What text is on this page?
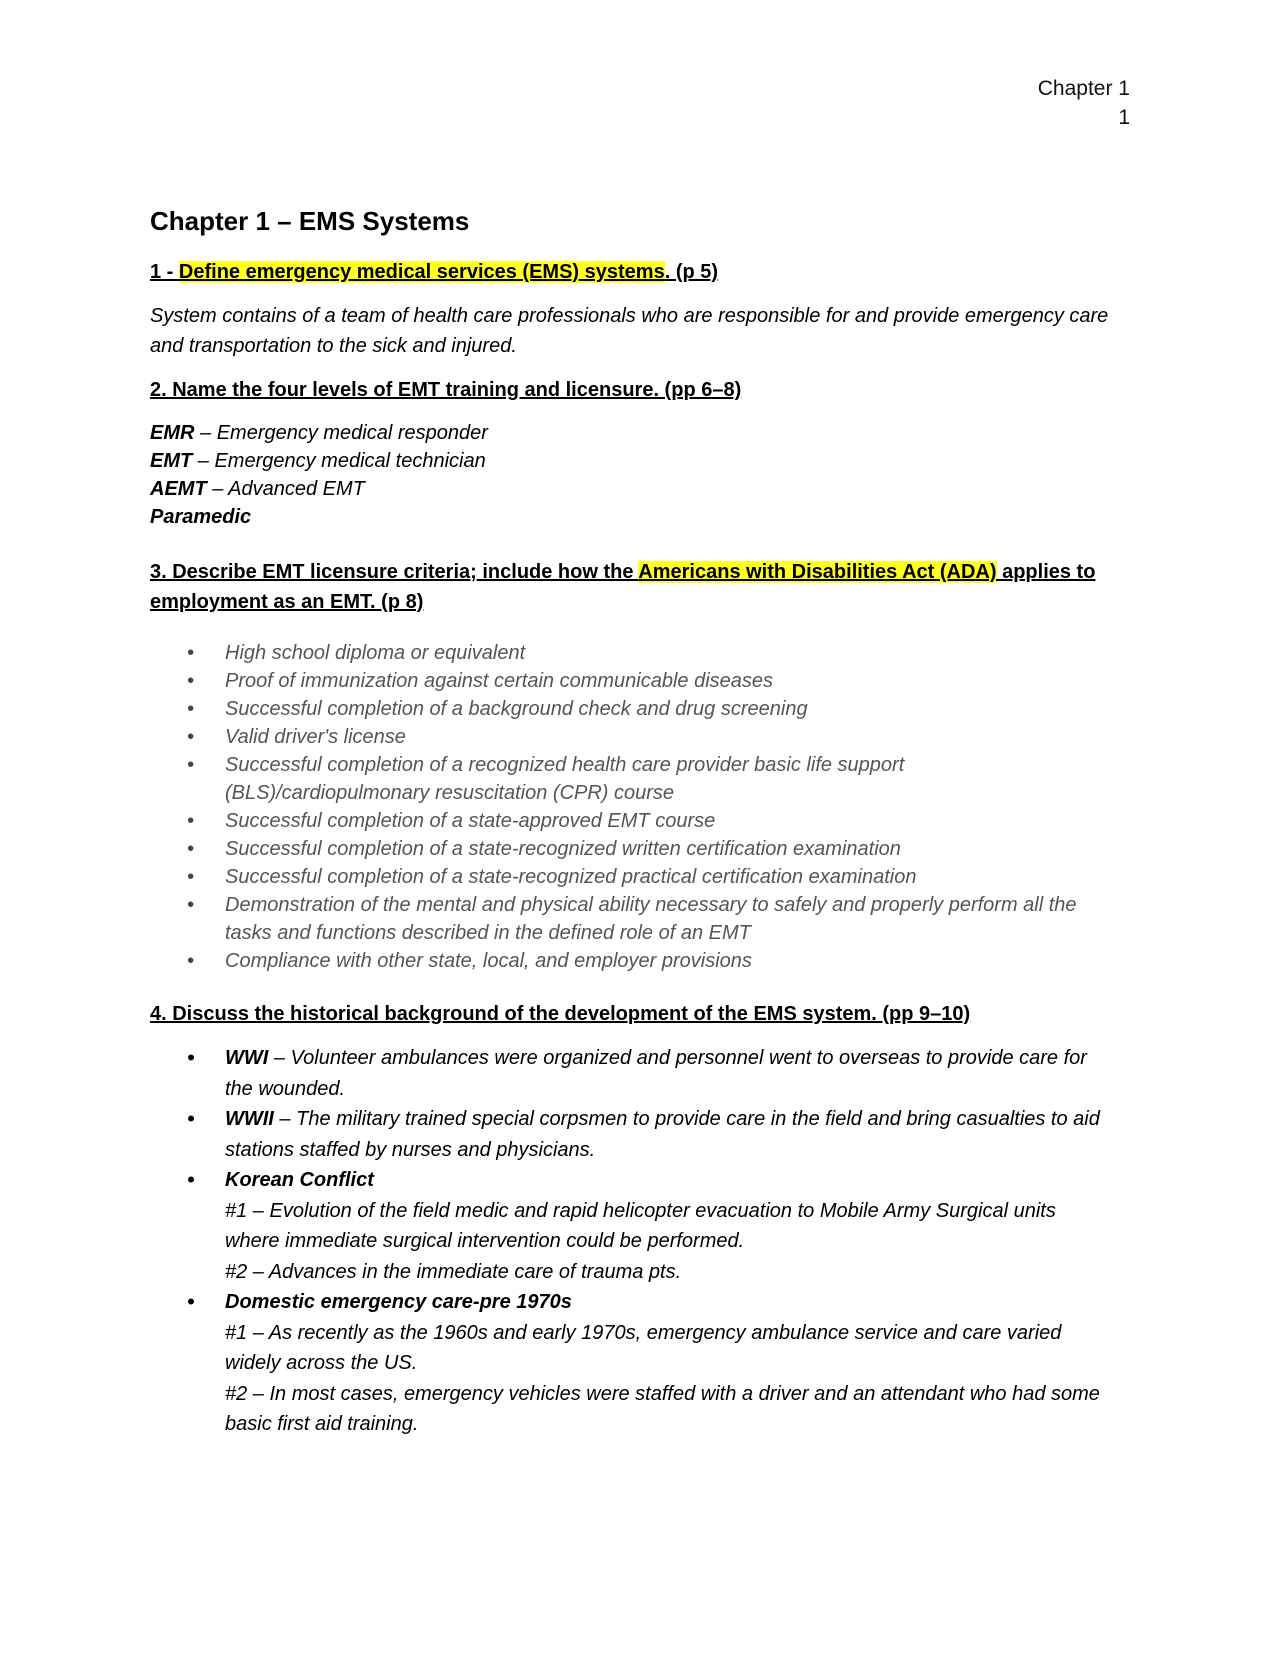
Chapter 1
1
Chapter 1 – EMS Systems
1 - Define emergency medical services (EMS) systems. (p 5)
System contains of a team of health care professionals who are responsible for and provide emergency care and transportation to the sick and injured.
2. Name the four levels of EMT training and licensure. (pp 6–8)
EMR – Emergency medical responder
EMT – Emergency medical technician
AEMT – Advanced EMT
Paramedic
3. Describe EMT licensure criteria; include how the Americans with Disabilities Act (ADA) applies to employment as an EMT. (p 8)
• High school diploma or equivalent
• Proof of immunization against certain communicable diseases
• Successful completion of a background check and drug screening
• Valid driver's license
• Successful completion of a recognized health care provider basic life support (BLS)/cardiopulmonary resuscitation (CPR) course
• Successful completion of a state-approved EMT course
• Successful completion of a state-recognized written certification examination
• Successful completion of a state-recognized practical certification examination
• Demonstration of the mental and physical ability necessary to safely and properly perform all the tasks and functions described in the defined role of an EMT
• Compliance with other state, local, and employer provisions
4. Discuss the historical background of the development of the EMS system. (pp 9–10)
• WWI – Volunteer ambulances were organized and personnel went to overseas to provide care for the wounded.
• WWII – The military trained special corpsmen to provide care in the field and bring casualties to aid stations staffed by nurses and physicians.
• Korean Conflict
#1 – Evolution of the field medic and rapid helicopter evacuation to Mobile Army Surgical units where immediate surgical intervention could be performed.
#2 – Advances in the immediate care of trauma pts.
• Domestic emergency care-pre 1970s
#1 – As recently as the 1960s and early 1970s, emergency ambulance service and care varied widely across the US.
#2 – In most cases, emergency vehicles were staffed with a driver and an attendant who had some basic first aid training.
